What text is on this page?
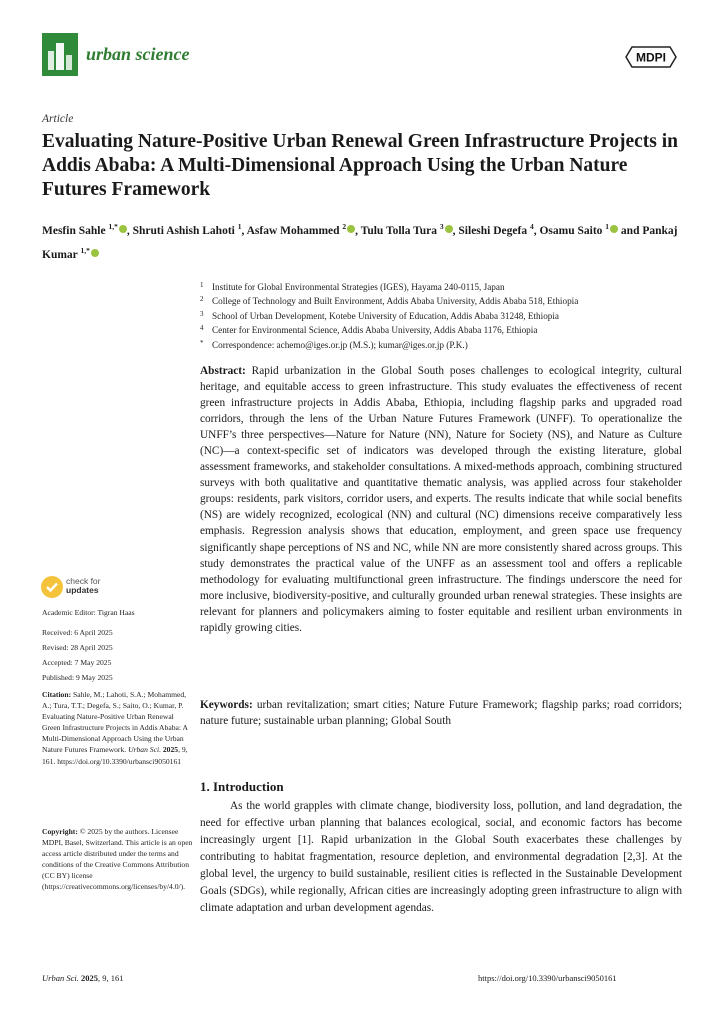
urban science	MDPI
Article
Evaluating Nature-Positive Urban Renewal Green Infrastructure Projects in Addis Ababa: A Multi-Dimensional Approach Using the Urban Nature Futures Framework
Mesfin Sahle $^{1,*}$ , Shruti Ashish Lahoti $^1$, Asfaw Mohammed $^2$ , Tulu Tolla Tura $^3$ , Sileshi Degefa $^4$, Osamu Saito $^1$ and Pankaj Kumar $^{1,*}$
1 Institute for Global Environmental Strategies (IGES), Hayama 240-0115, Japan
2 College of Technology and Built Environment, Addis Ababa University, Addis Ababa 518, Ethiopia
3 School of Urban Development, Kotebe University of Education, Addis Ababa 31248, Ethiopia
4 Center for Environmental Science, Addis Ababa University, Addis Ababa 1176, Ethiopia
* Correspondence: achemo@iges.or.jp (M.S.); kumar@iges.or.jp (P.K.)
Abstract: Rapid urbanization in the Global South poses challenges to ecological integrity, cultural heritage, and equitable access to green infrastructure. This study evaluates the effectiveness of recent green infrastructure projects in Addis Ababa, Ethiopia, including flagship parks and upgraded road corridors, through the lens of the Urban Nature Futures Framework (UNFF). To operationalize the UNFF’s three perspectives—Nature for Nature (NN), Nature for Society (NS), and Nature as Culture (NC)—a context-specific set of indicators was developed through the existing literature, global assessment frameworks, and stakeholder consultations. A mixed-methods approach, combining structured surveys with both qualitative and quantitative thematic analysis, was applied across four stakeholder groups: residents, park visitors, corridor users, and experts. The results indicate that while social benefits (NS) are widely recognized, ecological (NN) and cultural (NC) dimensions receive comparatively less emphasis. Regression analysis shows that education, employment, and green space use frequency significantly shape perceptions of NS and NC, while NN are more consistently shared across groups. This study demonstrates the practical value of the UNFF as an assessment tool and offers a replicable methodology for evaluating multifunctional green infrastructure. The findings underscore the need for more inclusive, biodiversity-positive, and culturally grounded urban renewal strategies. These insights are relevant for planners and policymakers aiming to foster equitable and resilient urban environments in rapidly growing cities.
Keywords: urban revitalization; smart cities; Nature Future Framework; flagship parks; road corridors; nature future; sustainable urban planning; Global South
1. Introduction
As the world grapples with climate change, biodiversity loss, pollution, and land degradation, the need for effective urban planning that balances ecological, social, and economic factors has become increasingly urgent [1]. Rapid urbanization in the Global South exacerbates these challenges by contributing to habitat fragmentation, resource depletion, and environmental degradation [2,3]. At the global level, the urgency to build sustainable, resilient cities is reflected in the Sustainable Development Goals (SDGs), while regionally, African cities are increasingly adopting green infrastructure to align with climate adaptation and urban development agendas.
check for
updates
Academic Editor: Tigran Haas
Received: 6 April 2025
Revised: 28 April 2025
Accepted: 7 May 2025
Published: 9 May 2025
Citation: Sahle, M.; Lahoti, S.A.; Mohammed, A.; Tura, T.T.; Degefa, S.; Saito, O.; Kumar, P. Evaluating Nature-Positive Urban Renewal Green Infrastructure Projects in Addis Ababa: A Multi-Dimensional Approach Using the Urban Nature Futures Framework. Urban Sci. 2025, 9, 161. https://doi.org/10.3390/urbansci9050161
Copyright: © 2025 by the authors. Licensee MDPI, Basel, Switzerland. This article is an open access article distributed under the terms and conditions of the Creative Commons Attribution (CC BY) license (https://creativecommons.org/licenses/by/4.0/).
Urban Sci. 2025, 9, 161	https://doi.org/10.3390/urbansci9050161
